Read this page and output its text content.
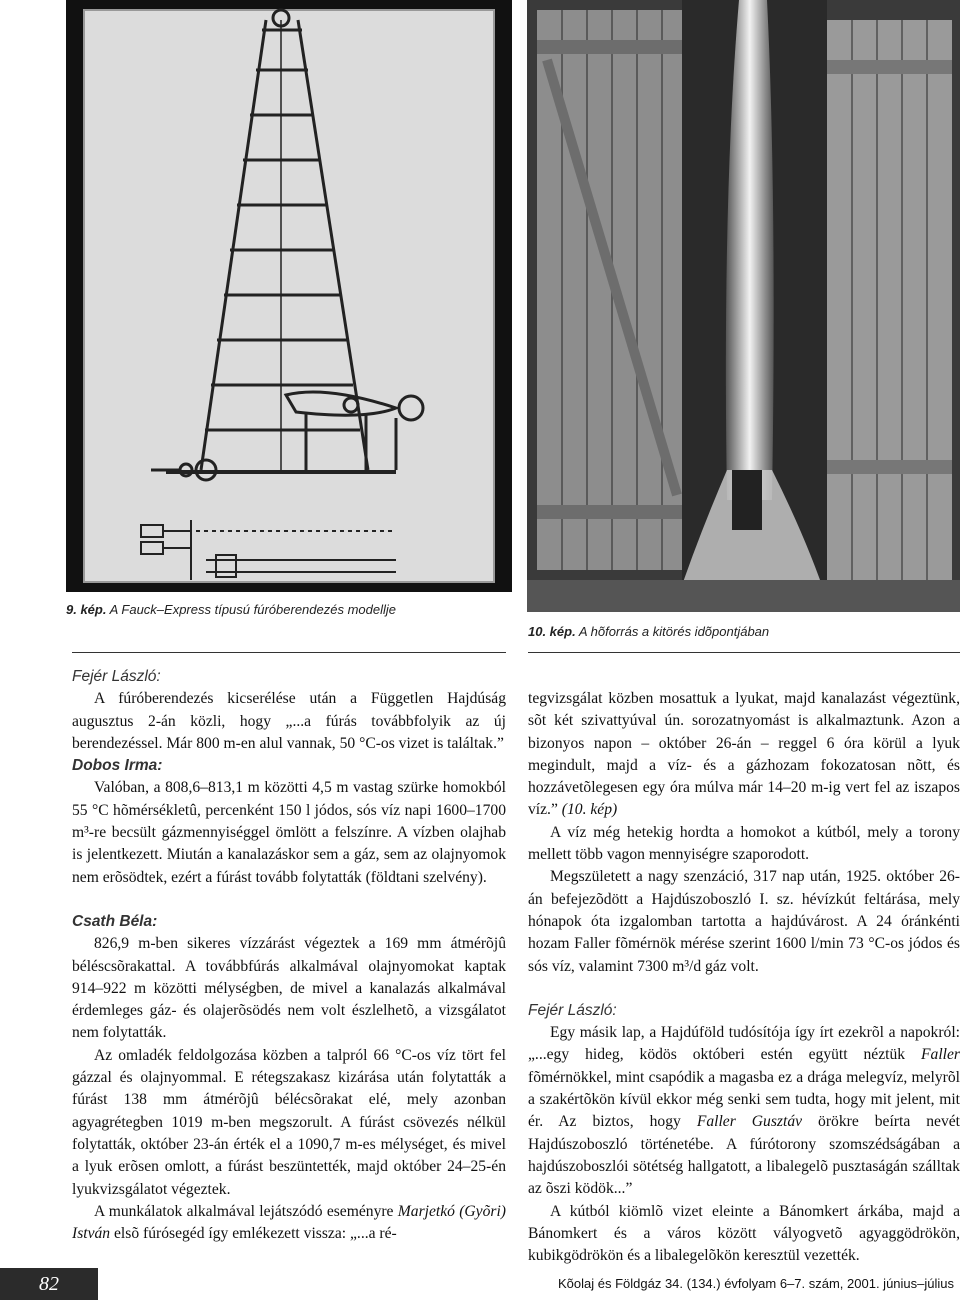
9. kép. A Fauck–Express típusú fúróberendezés modellje
10. kép. A hõforrás a kitörés idõpontjában

Fejér László:

A fúróberendezés kicserélése után a Független Hajdúság augusztus 2-án közli, hogy „...a fúrás továbbfolyik az új berendezéssel. Már 800 m-en alul vannak, 50 °C-os vizet is találtak.”

Dobos Irma:

Valóban, a 808,6–813,1 m közötti 4,5 m vastag szürke homokból 55 °C hõmérsékletû, percenként 150 l jódos, sós víz napi 1600–1700 m³-re becsült gázmennyiséggel ömlött a felszínre. A vízben olajhab is jelentkezett. Miután a kanalazáskor sem a gáz, sem az olajnyomok nem erõsödtek, ezért a fúrást tovább folytatták (földtani szelvény).

Csath Béla:

826,9 m-ben sikeres vízzárást végeztek a 169 mm átmérõjû béléscsõrakattal. A továbbfúrás alkalmával olajnyomokat kaptak 914–922 m közötti mélységben, de mivel a kanalazás alkalmával érdemleges gáz- és olajerõsödés nem volt észlelhetõ, a vizsgálatot nem folytatták.

Az omladék feldolgozása közben a talpról 66 °C-os víz tört fel gázzal és olajnyommal. E rétegszakasz kizárása után folytatták a fúrást 138 mm átmérõjû bélécsõrakat elé, mely azonban agyagrétegben 1019 m-ben megszorult. A fúrást csövezés nélkül folytatták, október 23-án érték el a 1090,7 m-es mélységet, és mivel a lyuk erõsen omlott, a fúrást beszüntették, majd október 24–25-én lyukvizsgálatot végeztek.

A munkálatok alkalmával lejátszódó eseményre Marjetkó (Gyõri) István elsõ fúrósegéd így emlékezett vissza: „...a ré-

tegvizsgálat közben mosattuk a lyukat, majd kanalazást végeztünk, sõt két szivattyúval ún. sorozatnyomást is alkalmaztunk. Azon a bizonyos napon – október 26-án – reggel 6 óra körül a lyuk megindult, majd a víz- és a gázhozam fokozatosan nõtt, és hozzávetõlegesen egy óra múlva már 14–20 m-ig vert fel az iszapos víz.” (10. kép)

A víz még hetekig hordta a homokot a kútból, mely a torony mellett több vagon mennyiségre szaporodott.

Megszületett a nagy szenzáció, 317 nap után, 1925. október 26-án befejezõdött a Hajdúszoboszló I. sz. hévízkút feltárása, mely hónapok óta izgalomban tartotta a hajdúvárost. A 24 óránkénti hozam Faller fõmérnök mérése szerint 1600 l/min 73 °C-os jódos és sós víz, valamint 7300 m³/d gáz volt.

Fejér László:

Egy másik lap, a Hajdúföld tudósítója így írt ezekrõl a napokról: „...egy hideg, ködös októberi estén együtt néztük Faller fõmérnökkel, mint csapódik a magasba ez a drága melegvíz, melyrõl a szakértõkön kívül ekkor még senki sem tudta, hogy mit jelent, mit ér. Az biztos, hogy Faller Gusztáv örökre beírta nevét Hajdúszoboszló történetébe. A fúrótorony szomszédságában a hajdúszoboszlói sötétség hallgatott, a libalegelõ pusztaságán szálltak az õszi ködök...”

A kútból kiömlõ vizet eleinte a Bánomkert árkába, majd a Bánomkert és a város között vályogvetõ agyaggödrökön, kubikgödrökön és a libalegelõkön keresztül vezették.

82	Kõolaj és Földgáz 34. (134.) évfolyam 6–7. szám, 2001. június–július
